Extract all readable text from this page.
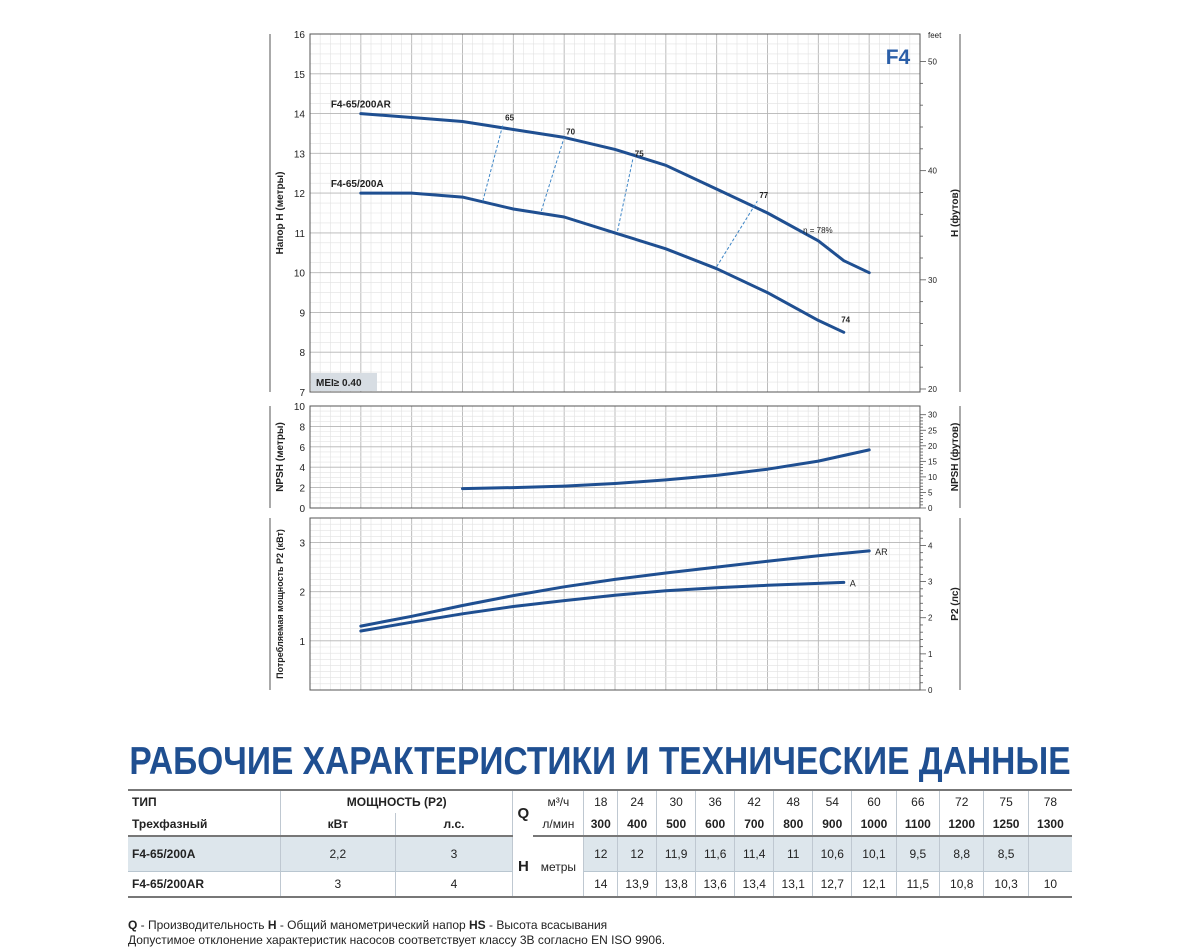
7
8
9
10
11
12
13
14
15
16
Напор H (метры)	H (футов)
20
30
40
50
feet
F4-65/200AR
F4-65/200A
65
70
75
77
η = 78%
74
F4
MEI≥ 0.40
0
2
4
6
8
10
NPSH (метры)	NPSH (футов)
0
5
10
15
20
25
30
1
2
3
Потребляемая мощность P2 (кВт)	P2 (лс)
0
1
2
3
4
AR
A
РАБОЧИЕ ХАРАКТЕРИСТИКИ И ТЕХНИЧЕСКИЕ ДАННЫЕ
ТИП	МОЩНОСТЬ (P2)		Q	м³/ч	18	24	30	36	42	48	54	60	66	72	75	78
Трехфазный	кВт	л.с.		л/мин	300	400	500	600	700	800	900	1000	1100	1200	1250	1300
F4-65/200A	2,2	3	H	метры	12	12	11,9	11,6	11,4	11	10,6	10,1	9,5	8,8	8,5	
F4-65/200AR	3	4			14	13,9	13,8	13,6	13,4	13,1	12,7	12,1	11,5	10,8	10,3	10
Q - Производительность H - Общий манометрический напор HS - Высота всасывания
Допустимое отклонение характеристик насосов соответствует классу 3В согласно EN ISO 9906.
